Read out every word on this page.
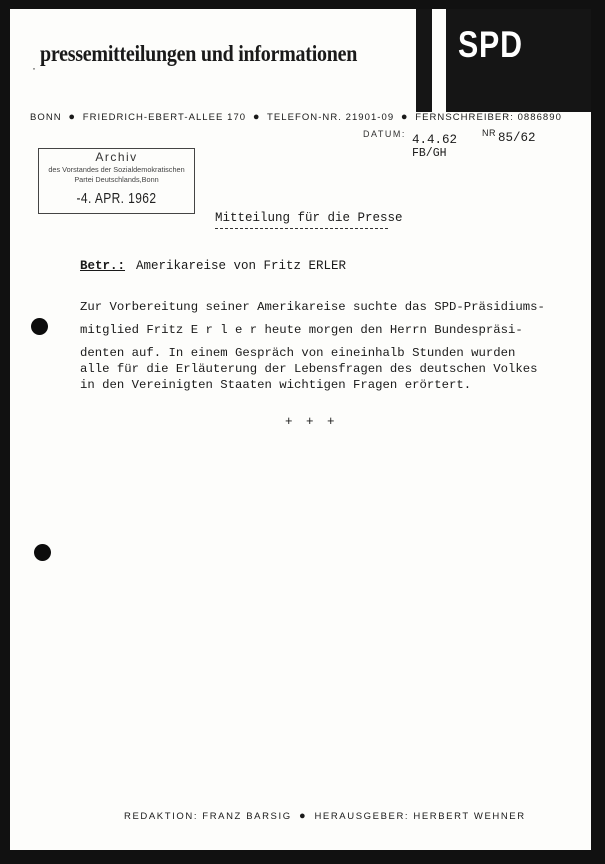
·
pressemitteilungen und informationen	SPD
BONN ● FRIEDRICH-EBERT-ALLEE 170 ● TELEFON-NR. 21901-09 ● FERNSCHREIBER: 0886890
DATUM: 4.4.62	NR 85/62
FB/GH
Archiv
des Vorstandes der Sozialdemokratischen
Partei Deutschlands,Bonn
-4. APR. 1962
Mitteilung für die Presse
Betr.: Amerikareise von Fritz ERLER
Zur Vorbereitung seiner Amerikareise suchte das SPD-Präsidiums-
mitglied Fritz E r l e r heute morgen den Herrn Bundespräsi-
denten auf. In einem Gespräch von eineinhalb Stunden wurden
alle für die Erläuterung der Lebensfragen des deutschen Volkes
in den Vereinigten Staaten wichtigen Fragen erörtert.
+ + +
REDAKTION: FRANZ BARSIG ● HERAUSGEBER: HERBERT WEHNER
